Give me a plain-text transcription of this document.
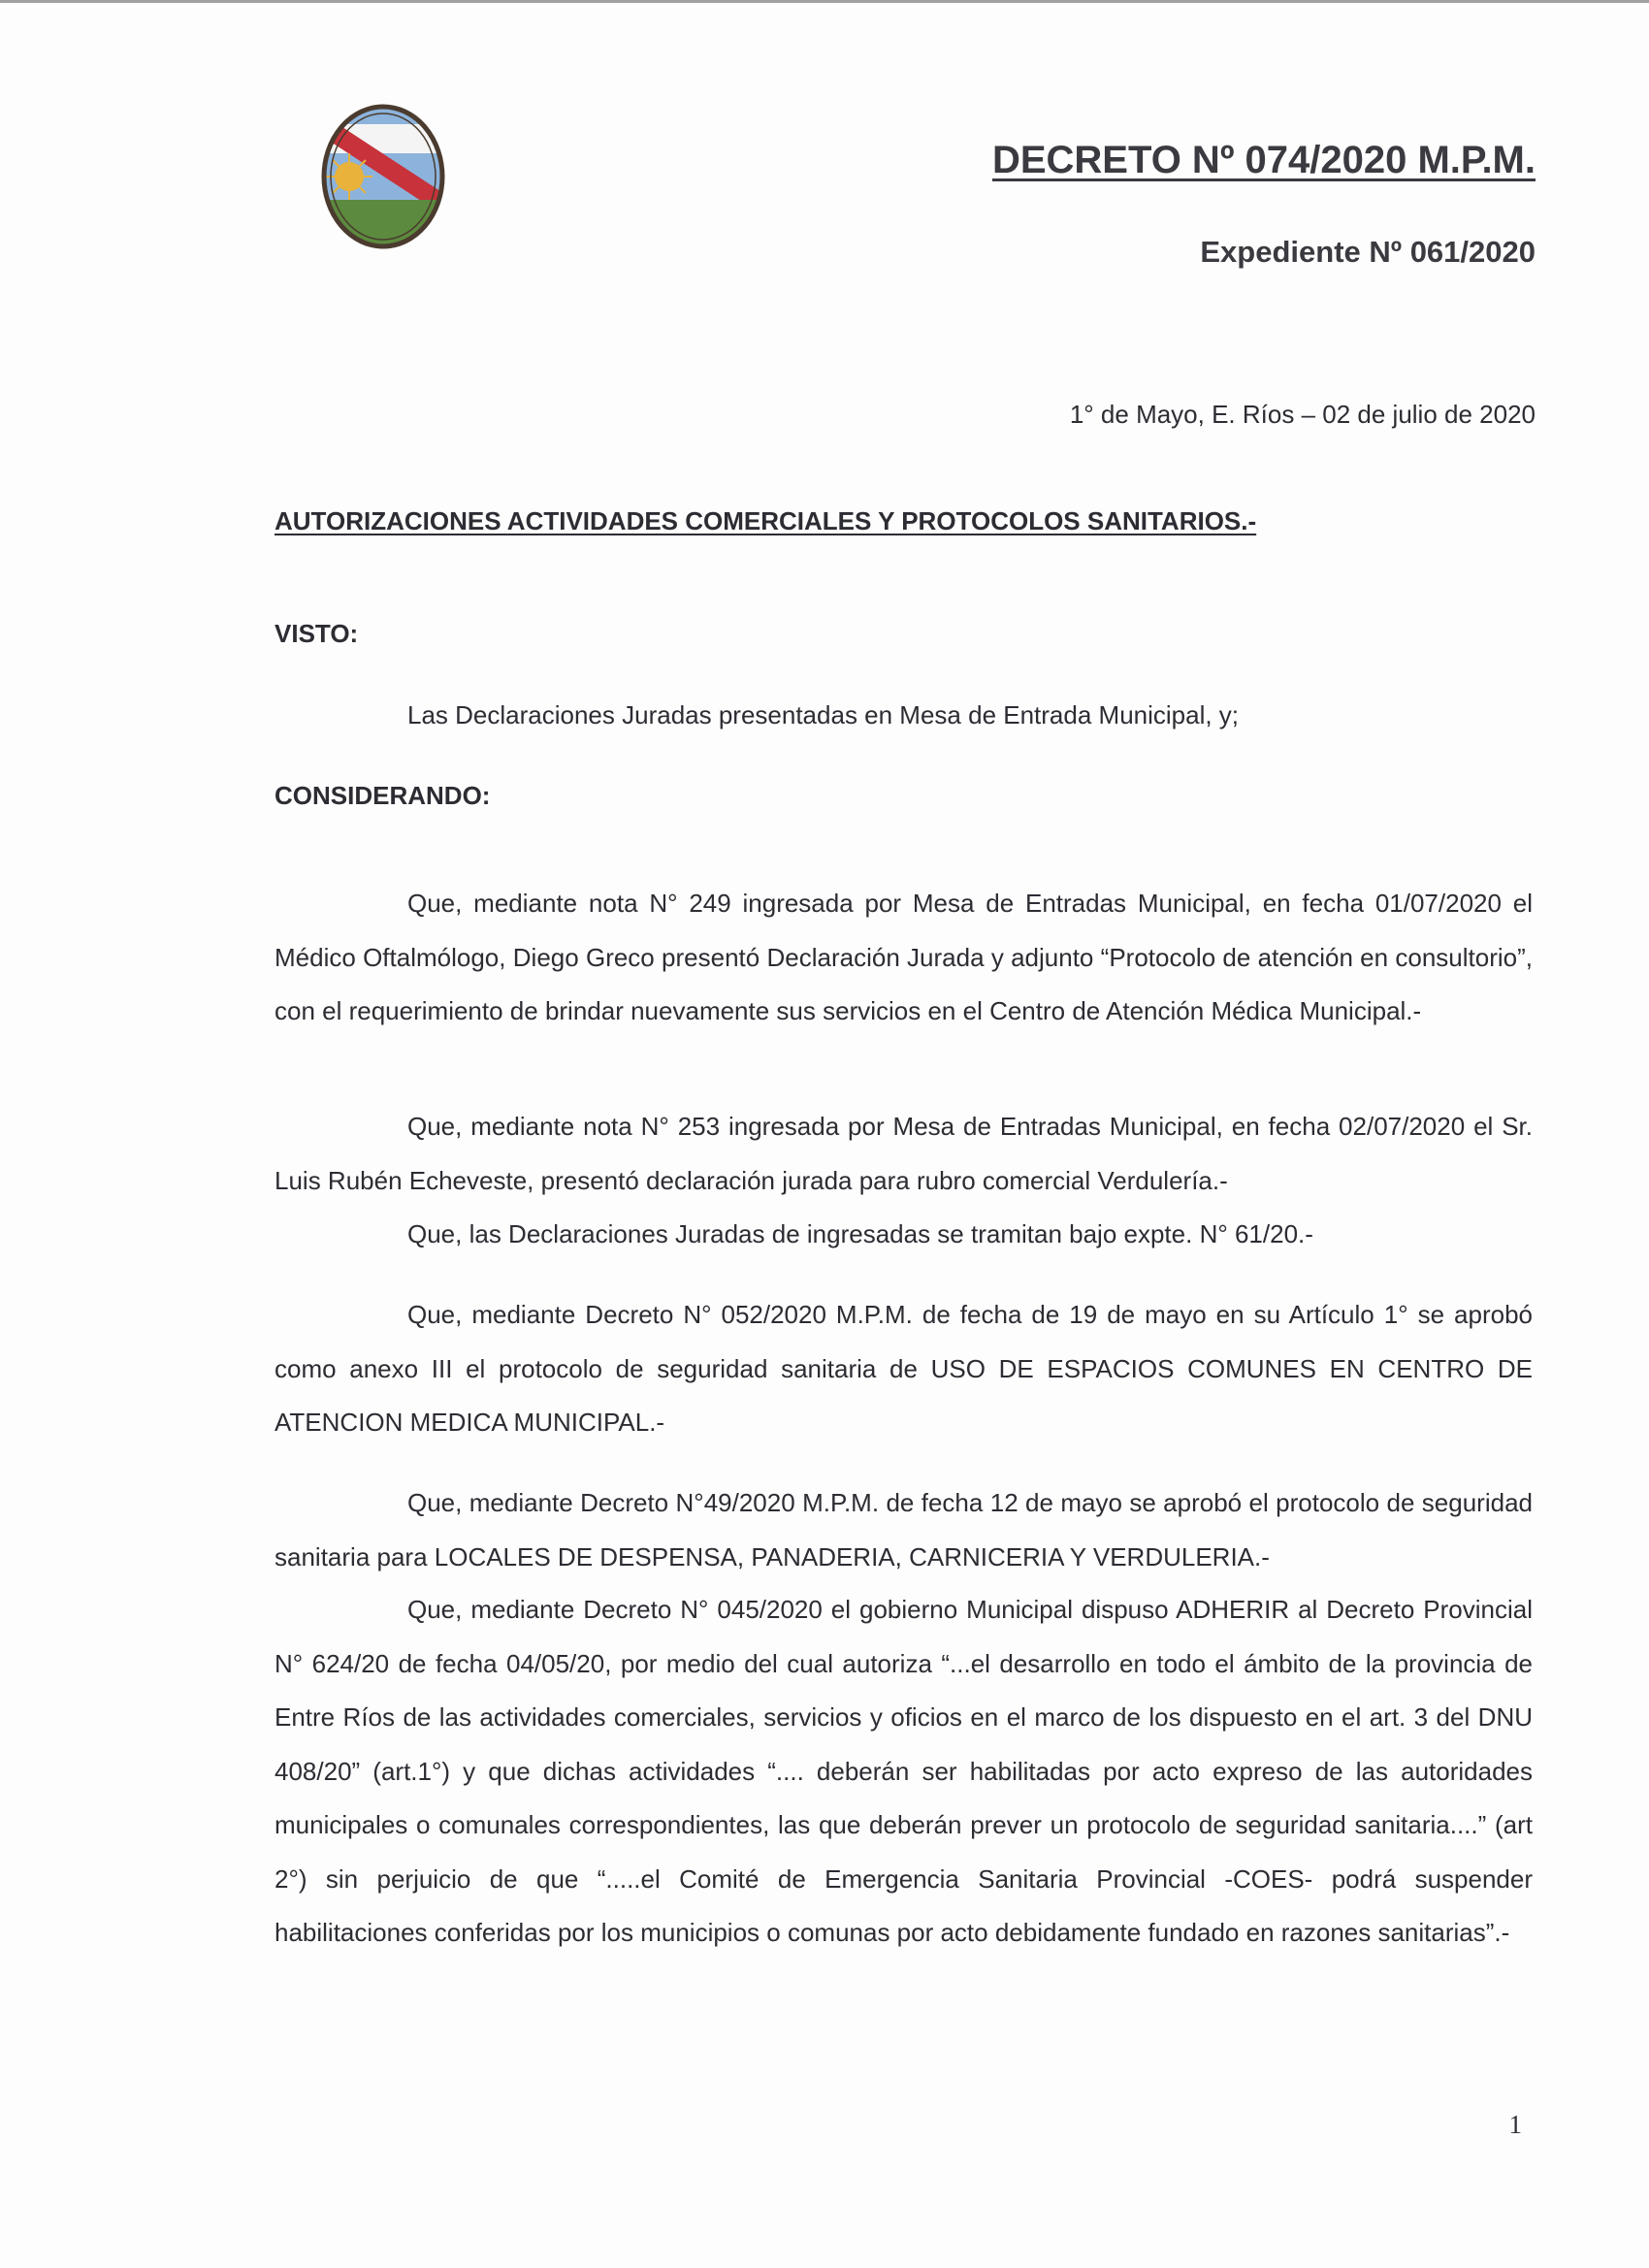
DECRETO Nº 074/2020 M.P.M.
Expediente Nº 061/2020
1° de Mayo, E. Ríos – 02 de julio de 2020
AUTORIZACIONES ACTIVIDADES COMERCIALES Y PROTOCOLOS SANITARIOS.-
VISTO:
Las Declaraciones Juradas presentadas en Mesa de Entrada Municipal, y;
CONSIDERANDO:

Que, mediante nota N° 249 ingresada por Mesa de Entradas Municipal, en fecha 01/07/2020 el Médico Oftalmólogo, Diego Greco presentó Declaración Jurada y adjunto “Protocolo de atención en consultorio”, con el requerimiento de brindar nuevamente sus servicios en el Centro de Atención Médica Municipal.-

Que, mediante nota N° 253 ingresada por Mesa de Entradas Municipal, en fecha 02/07/2020 el Sr. Luis Rubén Echeveste, presentó declaración jurada para rubro comercial Verdulería.-

Que, las Declaraciones Juradas de ingresadas se tramitan bajo expte. N° 61/20.-

Que, mediante Decreto N° 052/2020 M.P.M. de fecha de 19 de mayo en su Artículo 1° se aprobó como anexo III el protocolo de seguridad sanitaria de USO DE ESPACIOS COMUNES EN CENTRO DE ATENCION MEDICA MUNICIPAL.-

Que, mediante Decreto N°49/2020 M.P.M. de fecha 12 de mayo se aprobó el protocolo de seguridad sanitaria para LOCALES DE DESPENSA, PANADERIA, CARNICERIA Y VERDULERIA.-

Que, mediante Decreto N° 045/2020 el gobierno Municipal dispuso ADHERIR al Decreto Provincial N° 624/20 de fecha 04/05/20, por medio del cual autoriza “...el desarrollo en todo el ámbito de la provincia de Entre Ríos de las actividades comerciales, servicios y oficios en el marco de los dispuesto en el art. 3 del DNU 408/20” (art.1°) y que dichas actividades “.... deberán ser habilitadas por acto expreso de las autoridades municipales o comunales correspondientes, las que deberán prever un protocolo de seguridad sanitaria....” (art 2°) sin perjuicio de que “.....el Comité de Emergencia Sanitaria Provincial -COES- podrá suspender habilitaciones conferidas por los municipios o comunas por acto debidamente fundado en razones sanitarias”.-

1
